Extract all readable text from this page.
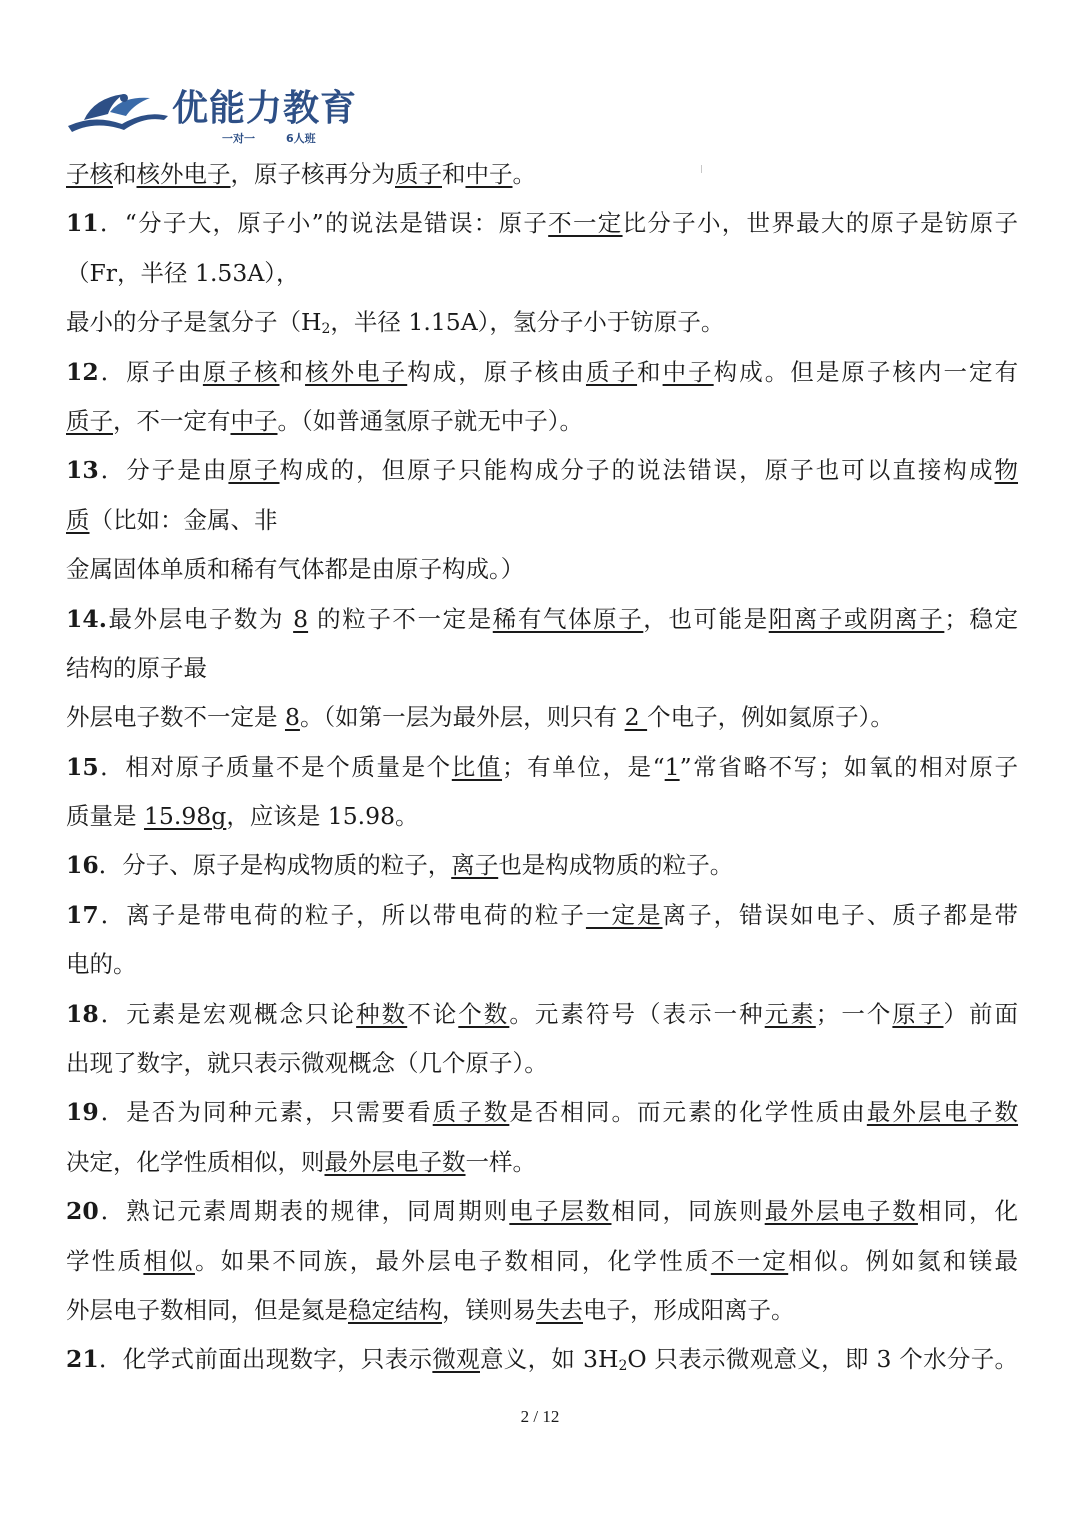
优能力教育
一对一	6人班
子核和核外电子，原子核再分为质子和中子。
11．“分子大，原子小”的说法是错误：原子不一定比分子小，世界最大的原子是钫原子
（Fr，半径 1.53A），
最小的分子是氢分子（$H_2$，半径 1.15A），氢分子小于钫原子。
12．原子由原子核和核外电子构成，原子核由质子和中子构成。但是原子核内一定有
质子，不一定有中子。（如普通氢原子就无中子）。
13．分子是由原子构成的，但原子只能构成分子的说法错误，原子也可以直接构成物
质（比如：金属、非
金属固体单质和稀有气体都是由原子构成。）
14.最外层电子数为 8 的粒子不一定是稀有气体原子，也可能是阳离子或阴离子；稳定
结构的原子最
外层电子数不一定是 8。（如第一层为最外层，则只有 2 个电子，例如氦原子）。
15．相对原子质量不是个质量是个比值；有单位，是“1”常省略不写；如氧的相对原子
质量是 15.98g，应该是 15.98。
16．分子、原子是构成物质的粒子，离子也是构成物质的粒子。
17．离子是带电荷的粒子，所以带电荷的粒子一定是离子，错误如电子、质子都是带
电的。
18．元素是宏观概念只论种数不论个数。元素符号（表示一种元素；一个原子）前面
出现了数字，就只表示微观概念（几个原子）。
19．是否为同种元素，只需要看质子数是否相同。而元素的化学性质由最外层电子数
决定，化学性质相似，则最外层电子数一样。
20．熟记元素周期表的规律，同周期则电子层数相同，同族则最外层电子数相同，化
学性质相似。如果不同族，最外层电子数相同，化学性质不一定相似。例如氦和镁最
外层电子数相同，但是氦是稳定结构，镁则易失去电子，形成阳离子。
21．化学式前面出现数字，只表示微观意义，如 $3H_2O$ 只表示微观意义，即 3 个水分子。
2 / 12
